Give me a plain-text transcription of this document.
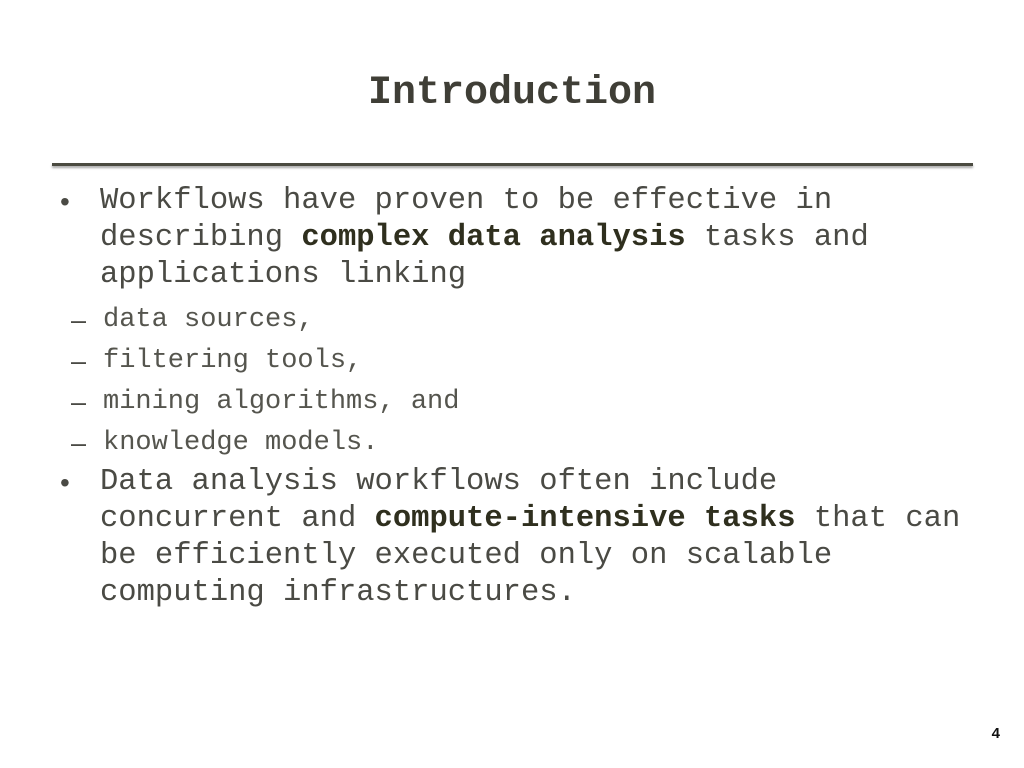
Introduction

• Workflows have proven to be effective in describing complex data analysis tasks and applications linking

– data sources,
– filtering tools,
– mining algorithms, and
– knowledge models.

• Data analysis workflows often include concurrent and compute-intensive tasks that can be efficiently executed only on scalable computing infrastructures.

4
